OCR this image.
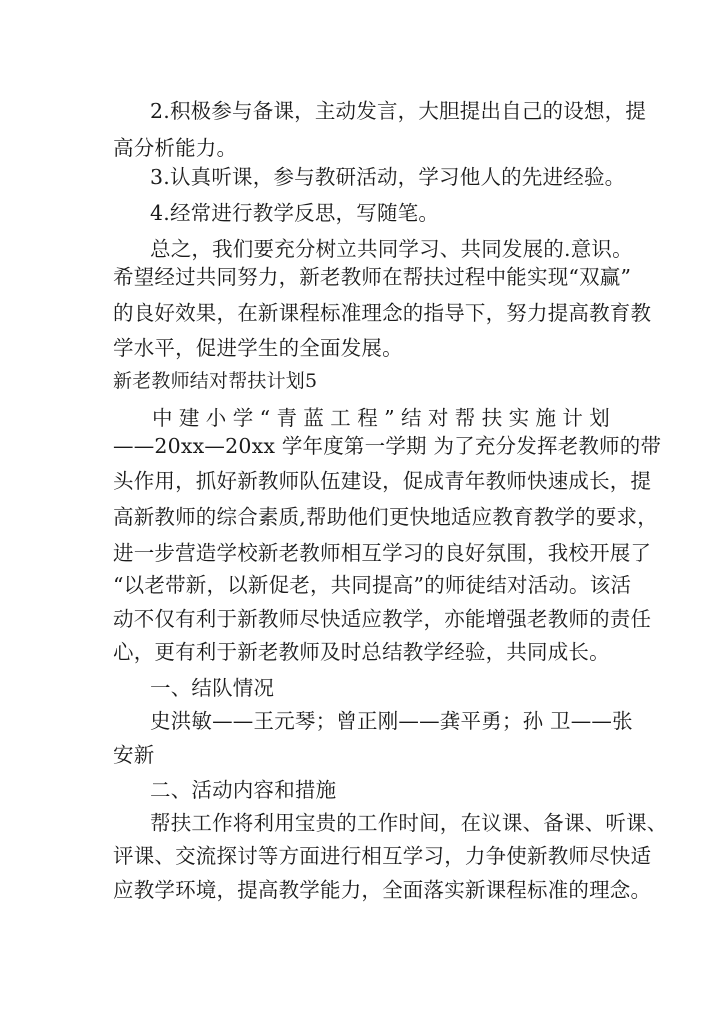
2.积极参与备课，主动发言，大胆提出自己的设想，提
高分析能力。
3.认真听课，参与教研活动，学习他人的先进经验。
4.经常进行教学反思，写随笔。
总之，我们要充分树立共同学习、共同发展的.意识。
希望经过共同努力，新老教师在帮扶过程中能实现“双赢”
的良好效果，在新课程标准理念的指导下，努力提高教育教
学水平，促进学生的全面发展。
新老教师结对帮扶计划5
中建小学“青蓝工程”结对帮扶实施计划
——20xx—20xx 学年度第一学期 为了充分发挥老教师的带
头作用，抓好新教师队伍建设，促成青年教师快速成长，提
高新教师的综合素质,帮助他们更快地适应教育教学的要求，
进一步营造学校新老教师相互学习的良好氛围，我校开展了
“以老带新，以新促老，共同提高”的师徒结对活动。该活
动不仅有利于新教师尽快适应教学，亦能增强老教师的责任
心，更有利于新老教师及时总结教学经验，共同成长。
一、结队情况
史洪敏——王元琴；曾正刚——龚平勇；孙 卫——张
安新
二、活动内容和措施
帮扶工作将利用宝贵的工作时间，在议课、备课、听课、
评课、交流探讨等方面进行相互学习，力争使新教师尽快适
应教学环境，提高教学能力，全面落实新课程标准的理念。
